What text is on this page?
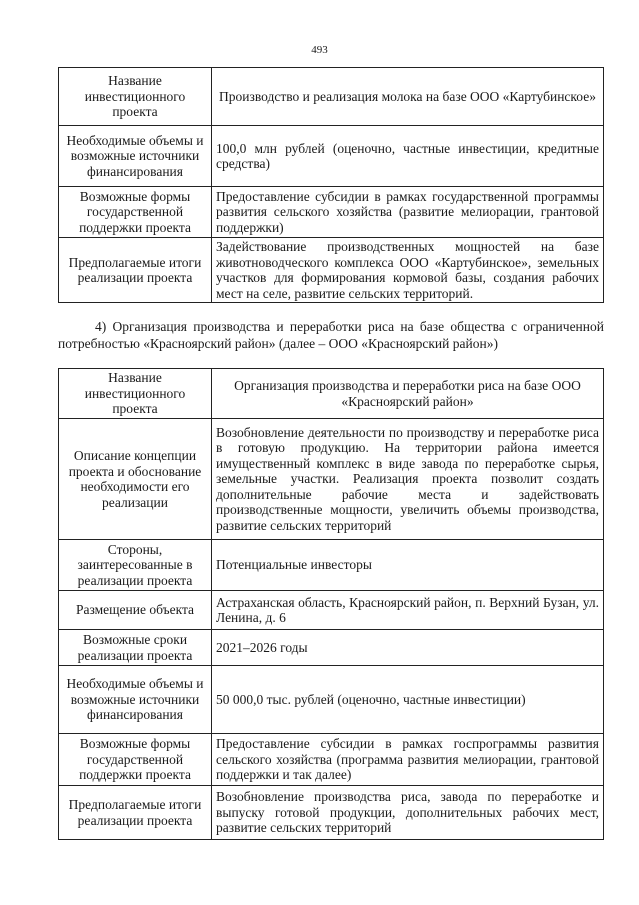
493
Название инвестиционного проекта	Производство и реализация молока на базе ООО «Картубинское»
Необходимые объемы и возможные источники финансирования	100,0 млн рублей (оценочно, частные инвестиции, кредитные средства)
Возможные формы государственной поддержки проекта	Предоставление субсидии в рамках государственной программы развития сельского хозяйства (развитие мелиорации, грантовой поддержки)
Предполагаемые итоги реализации проекта	Задействование производственных мощностей на базе животноводческого комплекса ООО «Картубинское», земельных участков для формирования кормовой базы, создания рабочих мест на селе, развитие сельских территорий.
4) Организация производства и переработки риса на базе общества с ограниченной потребностью «Красноярский район» (далее – ООО «Красноярский район»)
Название инвестиционного проекта	Организация производства и переработки риса на базе ООО «Красноярский район»
Описание концепции проекта и обоснование необходимости его реализации	Возобновление деятельности по производству и переработке риса в готовую продукцию. На территории района имеется имущественный комплекс в виде завода по переработке сырья, земельные участки. Реализация проекта позволит создать дополнительные рабочие места и задействовать производственные мощности, увеличить объемы производства, развитие сельских территорий
Стороны, заинтересованные в реализации проекта	Потенциальные инвесторы
Размещение объекта	Астраханская область, Красноярский район, п. Верхний Бузан, ул. Ленина, д. 6
Возможные сроки реализации проекта	2021–2026 годы
Необходимые объемы и возможные источники финансирования	50 000,0 тыс. рублей (оценочно, частные инвестиции)
Возможные формы государственной поддержки проекта	Предоставление субсидии в рамках госпрограммы развития сельского хозяйства (программа развития мелиорации, грантовой поддержки и так далее)
Предполагаемые итоги реализации проекта	Возобновление производства риса, завода по переработке и выпуску готовой продукции, дополнительных рабочих мест, развитие сельских территорий
